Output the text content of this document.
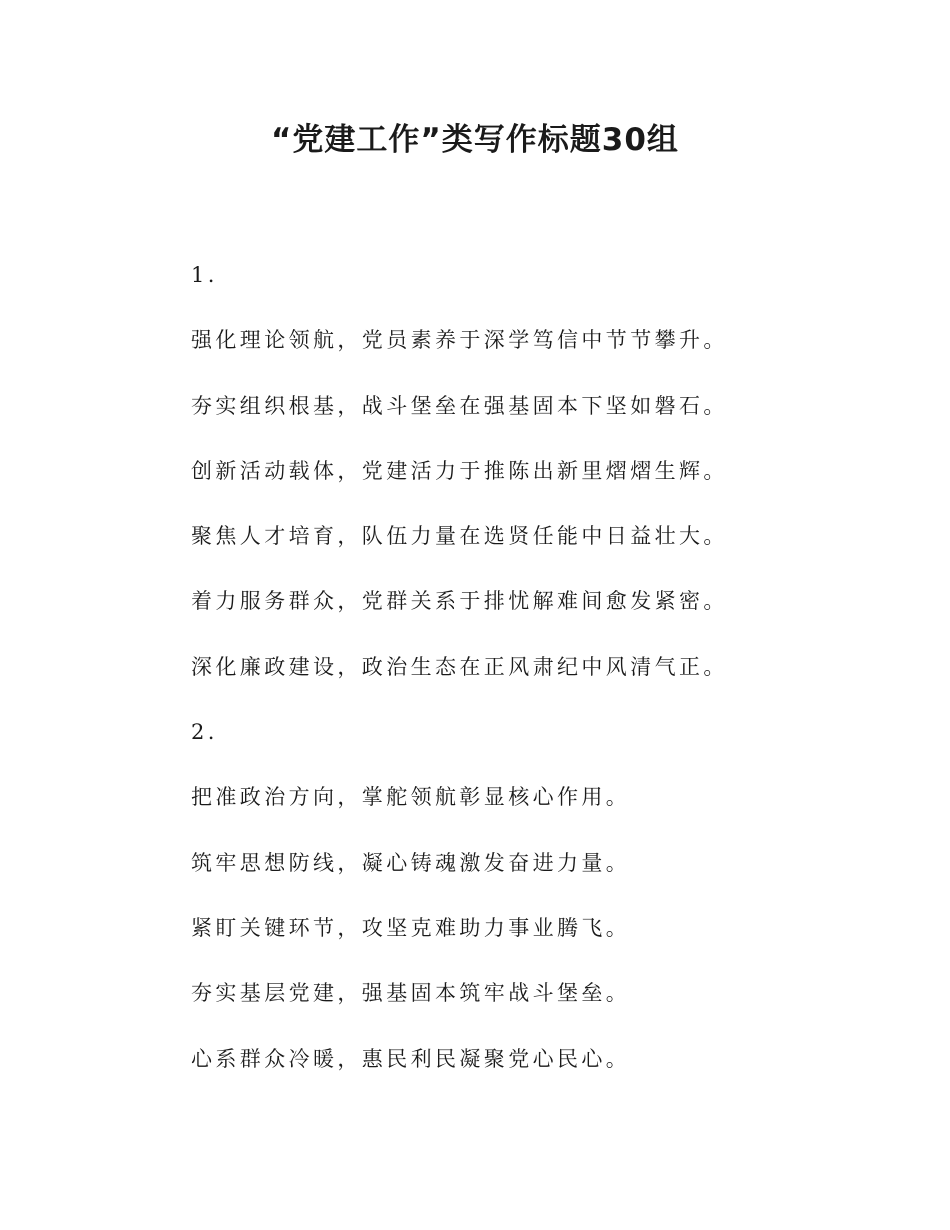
“党建工作”类写作标题30组
1.
强化理论领航，党员素养于深学笃信中节节攀升。
夯实组织根基，战斗堡垒在强基固本下坚如磐石。
创新活动载体，党建活力于推陈出新里熠熠生辉。
聚焦人才培育，队伍力量在选贤任能中日益壮大。
着力服务群众，党群关系于排忧解难间愈发紧密。
深化廉政建设，政治生态在正风肃纪中风清气正。
2.
把准政治方向，掌舵领航彰显核心作用。
筑牢思想防线，凝心铸魂激发奋进力量。
紧盯关键环节，攻坚克难助力事业腾飞。
夯实基层党建，强基固本筑牢战斗堡垒。
心系群众冷暖，惠民利民凝聚党心民心。
